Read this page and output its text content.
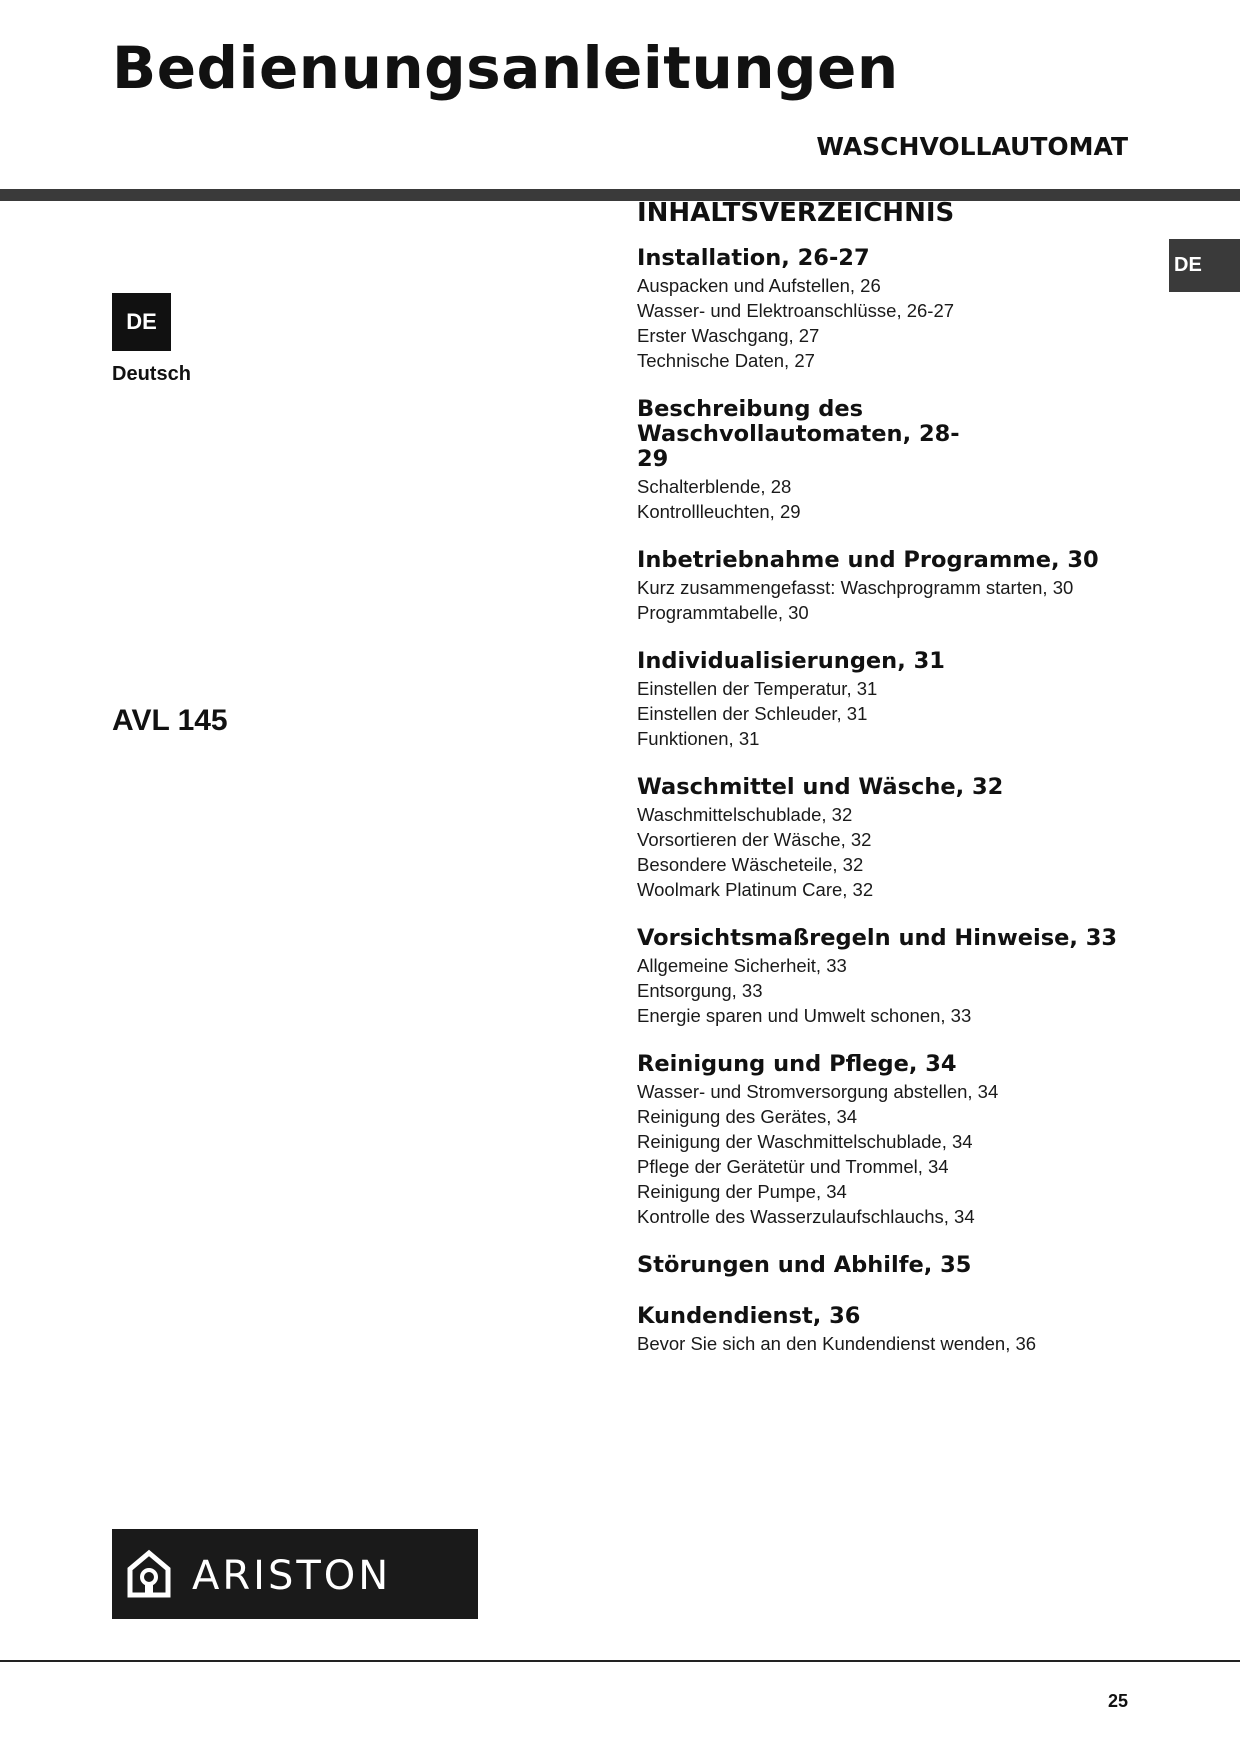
Bedienungsanleitungen
WASCHVOLLAUTOMAT
DE
DE
Deutsch
AVL 145
INHALTSVERZEICHNIS
Installation, 26-27
Auspacken und Aufstellen, 26
Wasser- und Elektroanschlüsse, 26-27
Erster Waschgang, 27
Technische Daten, 27
Beschreibung des Waschvollautomaten, 28-29
Schalterblende, 28
Kontrollleuchten, 29
Inbetriebnahme und Programme, 30
Kurz zusammengefasst: Waschprogramm starten, 30
Programmtabelle, 30
Individualisierungen, 31
Einstellen der Temperatur, 31
Einstellen der Schleuder, 31
Funktionen, 31
Waschmittel und Wäsche, 32
Waschmittelschublade, 32
Vorsortieren der Wäsche, 32
Besondere Wäscheteile, 32
Woolmark Platinum Care, 32
Vorsichtsmaßregeln und Hinweise, 33
Allgemeine Sicherheit, 33
Entsorgung, 33
Energie sparen und Umwelt schonen, 33
Reinigung und Pflege, 34
Wasser- und Stromversorgung abstellen, 34
Reinigung des Gerätes, 34
Reinigung der Waschmittelschublade, 34
Pflege der Gerätetür und Trommel, 34
Reinigung der Pumpe, 34
Kontrolle des Wasserzulaufschlauchs, 34
Störungen und Abhilfe, 35
Kundendienst, 36
Bevor Sie sich an den Kundendienst wenden, 36
ARISTON
25
